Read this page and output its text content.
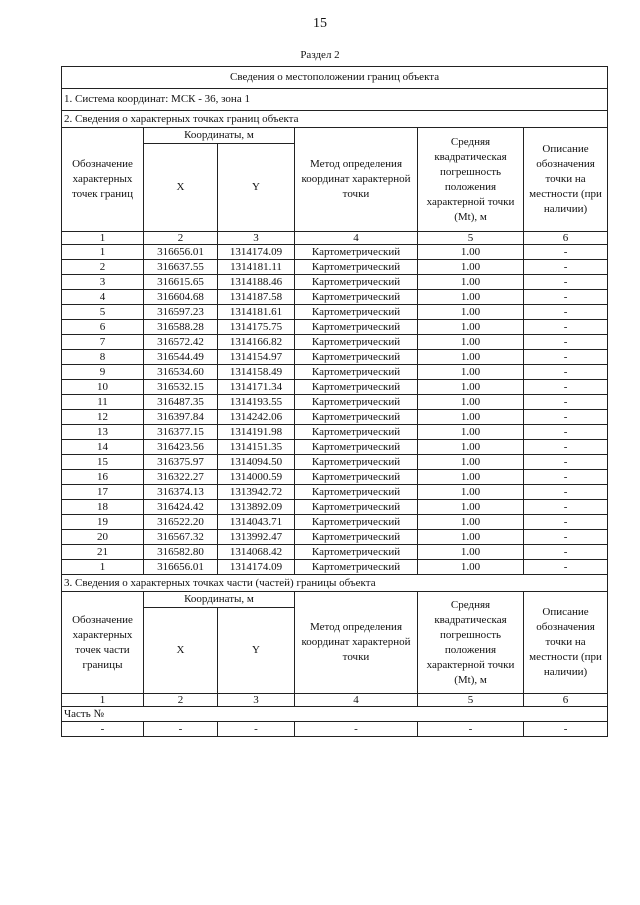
15
Раздел 2
Сведения о местоположении границ объекта					
1. Система координат: МСК - 36, зона 1					
2. Сведения о характерных точках границ объекта					
Обозначение характерных точек границ	Координаты, м		Метод определения координат характерной точки	Средняя квадратическая погрешность положения характерной точки (Mt), м	Описание обозначения точки на местности (при наличии)
	X	Y			
1	2	3	4	5	6
1	316656.01	1314174.09	Картометрический	1.00	-
2	316637.55	1314181.11	Картометрический	1.00	-
3	316615.65	1314188.46	Картометрический	1.00	-
4	316604.68	1314187.58	Картометрический	1.00	-
5	316597.23	1314181.61	Картометрический	1.00	-
6	316588.28	1314175.75	Картометрический	1.00	-
7	316572.42	1314166.82	Картометрический	1.00	-
8	316544.49	1314154.97	Картометрический	1.00	-
9	316534.60	1314158.49	Картометрический	1.00	-
10	316532.15	1314171.34	Картометрический	1.00	-
11	316487.35	1314193.55	Картометрический	1.00	-
12	316397.84	1314242.06	Картометрический	1.00	-
13	316377.15	1314191.98	Картометрический	1.00	-
14	316423.56	1314151.35	Картометрический	1.00	-
15	316375.97	1314094.50	Картометрический	1.00	-
16	316322.27	1314000.59	Картометрический	1.00	-
17	316374.13	1313942.72	Картометрический	1.00	-
18	316424.42	1313892.09	Картометрический	1.00	-
19	316522.20	1314043.71	Картометрический	1.00	-
20	316567.32	1313992.47	Картометрический	1.00	-
21	316582.80	1314068.42	Картометрический	1.00	-
1	316656.01	1314174.09	Картометрический	1.00	-
3. Сведения о характерных точках части (частей) границы объекта					
Обозначение характерных точек части границы	Координаты, м		Метод определения координат характерной точки	Средняя квадратическая погрешность положения характерной точки (Mt), м	Описание обозначения точки на местности (при наличии)
	X	Y			
1	2	3	4	5	6
Часть №					
-	-	-	-	-	-
